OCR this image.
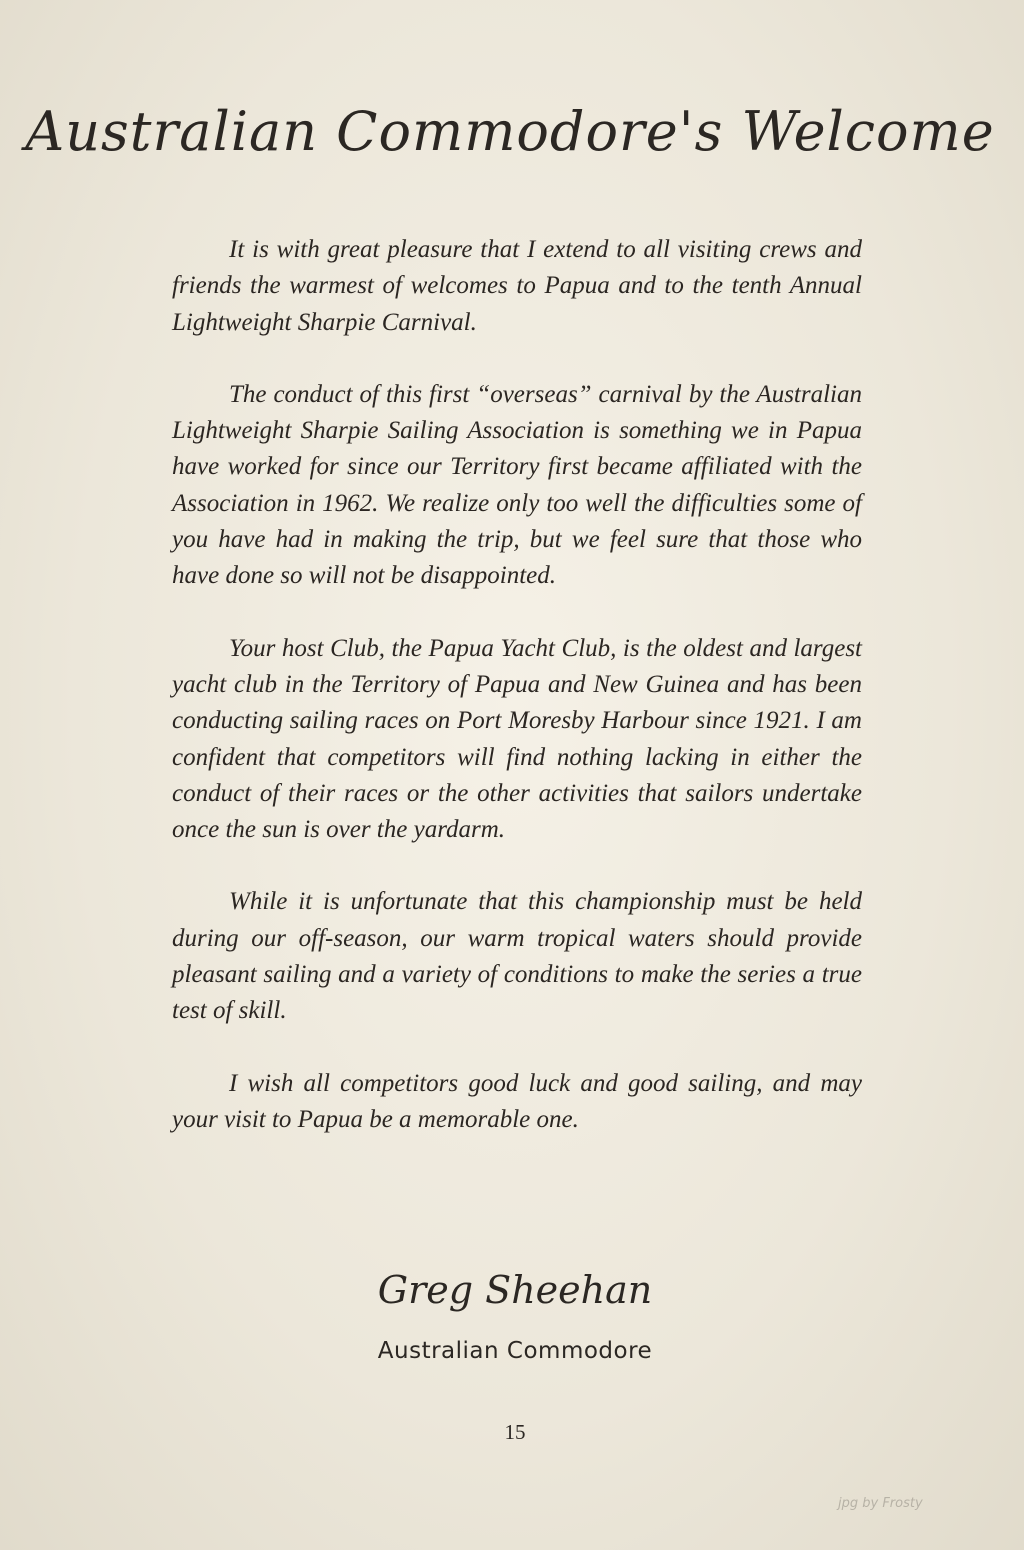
Australian Commodore's Welcome

It is with great pleasure that I extend to all visiting crews and friends the warmest of welcomes to Papua and to the tenth Annual Lightweight Sharpie Carnival.

The conduct of this first “overseas” carnival by the Australian Lightweight Sharpie Sailing Association is something we in Papua have worked for since our Territory first became affiliated with the Association in 1962. We realize only too well the difficulties some of you have had in making the trip, but we feel sure that those who have done so will not be disappointed.

Your host Club, the Papua Yacht Club, is the oldest and largest yacht club in the Territory of Papua and New Guinea and has been conducting sailing races on Port Moresby Harbour since 1921. I am confident that competitors will find nothing lacking in either the conduct of their races or the other activities that sailors undertake once the sun is over the yardarm.

While it is unfortunate that this championship must be held during our off-season, our warm tropical waters should provide pleasant sailing and a variety of conditions to make the series a true test of skill.

I wish all competitors good luck and good sailing, and may your visit to Papua be a memorable one.

Greg Sheehan
Australian Commodore
15
jpg by Frosty
